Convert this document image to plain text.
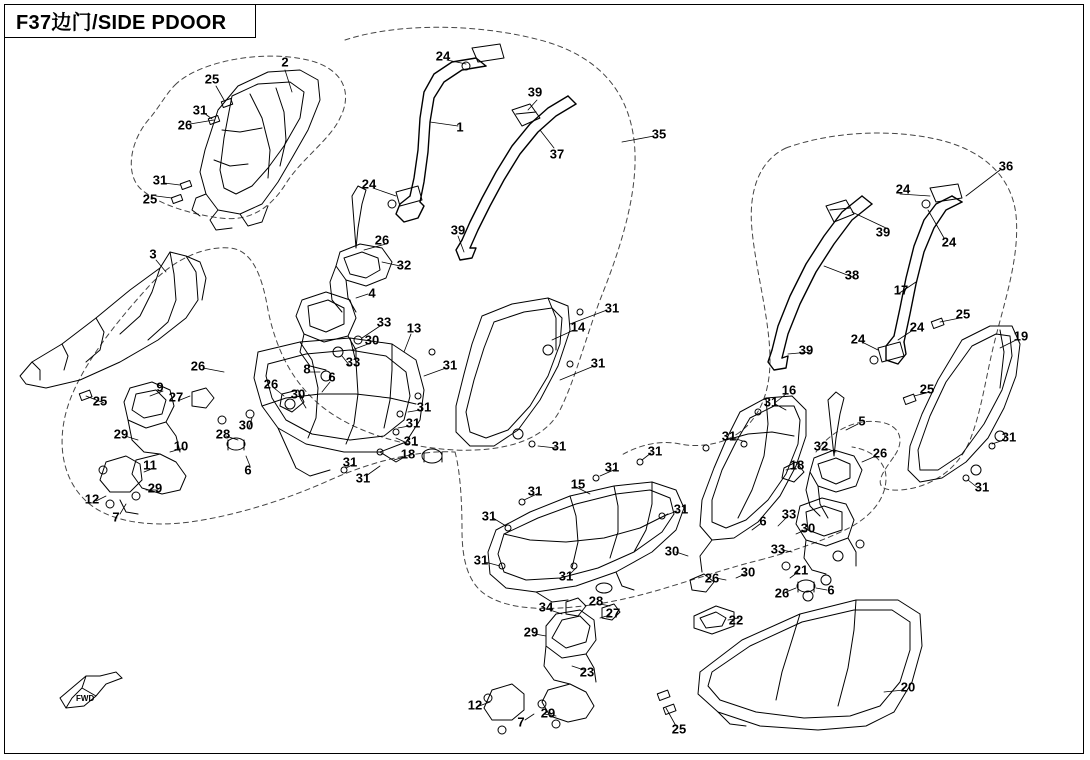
FWD
F37边门/SIDE PDOOR
25
2
31
26
31
25
24
1
39
37
35
36
24
39
24
24
39
26
32
4
3
38
17
31
14
13
33
30
33	31	31
26	8
6
26
30
31
9
25	27
28
30	31
31
29
10
6
31
18
31
11
29
12
7
31
16
31
5
32	26
31
18
25
19
24
24
39
25
31
31
31
31
15
31
31
31	6 33
30
33
30
31
31	26 30	21
6
26
22
28
27
34
29
23
12
29
7	25
20
